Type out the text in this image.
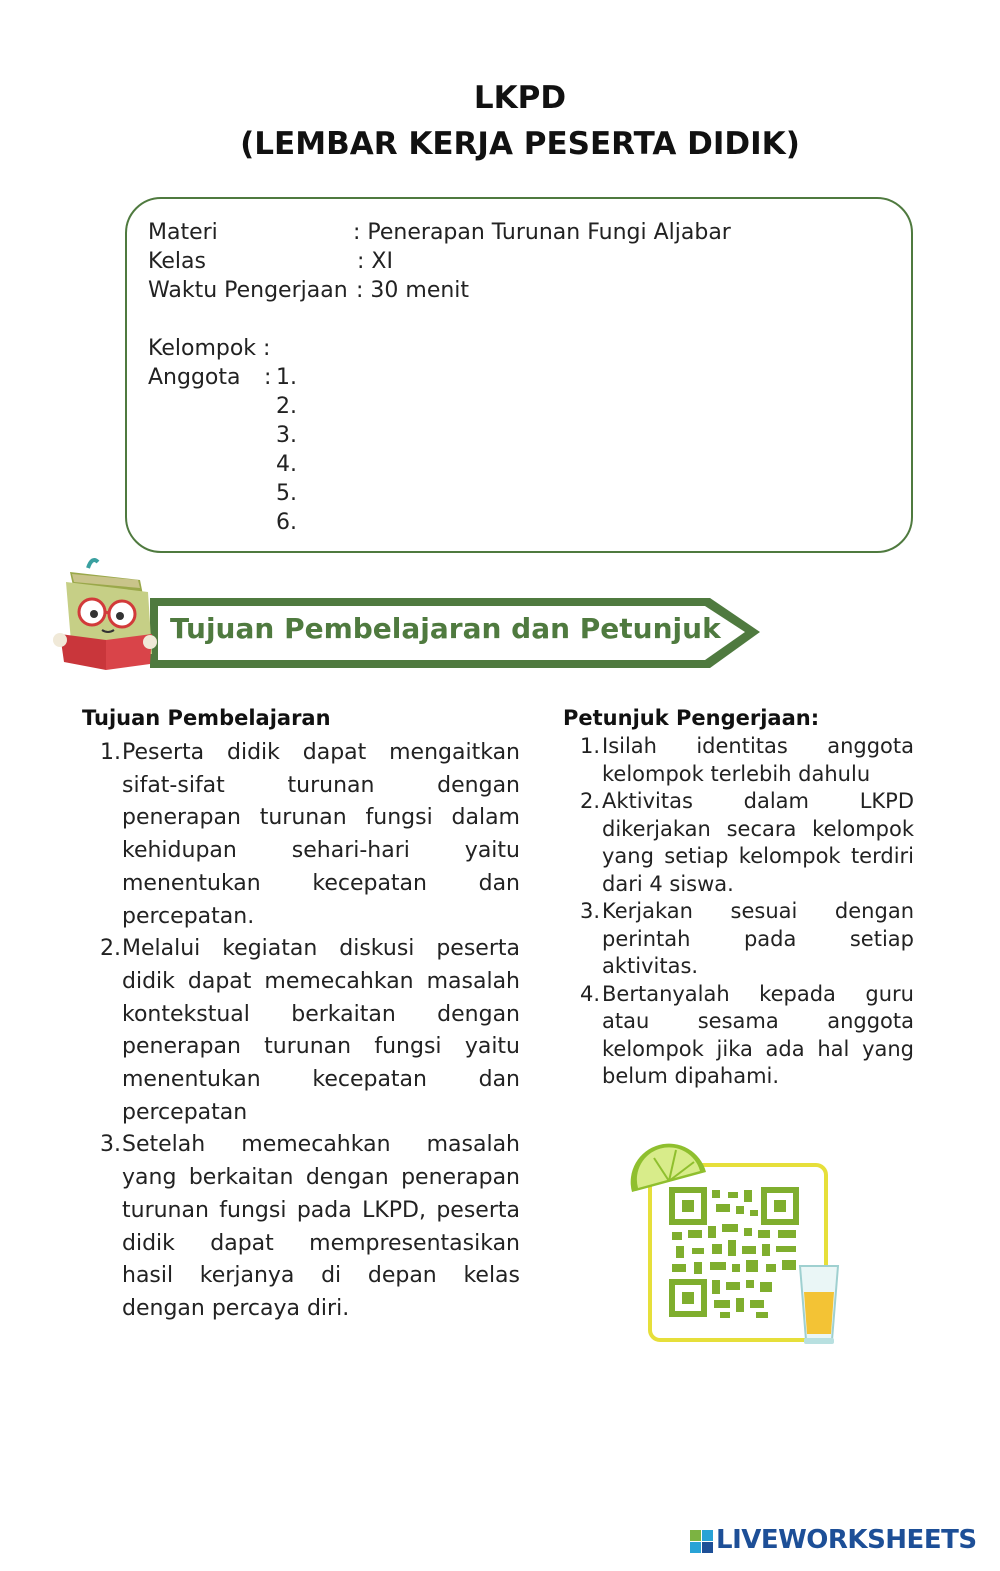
LKPD
(LEMBAR KERJA PESERTA DIDIK)
Materi	: Penerapan Turunan Fungi Aljabar
Kelas	: XI
Waktu Pengerjaan : 30 menit
Kelompok :
Anggota : 1.
2.
3.
4.
5.
6.
Tujuan Pembelajaran dan Petunjuk
Tujuan Pembelajaran
1. Peserta didik dapat mengaitkan sifat-sifat turunan dengan penerapan turunan fungsi dalam kehidupan sehari-hari yaitu menentukan kecepatan dan percepatan.
2. Melalui kegiatan diskusi peserta didik dapat memecahkan masalah kontekstual berkaitan dengan penerapan turunan fungsi yaitu menentukan kecepatan dan percepatan
3. Setelah memecahkan masalah yang berkaitan dengan penerapan turunan fungsi pada LKPD, peserta didik dapat mempresentasikan hasil kerjanya di depan kelas dengan percaya diri.
Petunjuk Pengerjaan:
1. Isilah identitas anggota kelompok terlebih dahulu
2. Aktivitas dalam LKPD dikerjakan secara kelompok yang setiap kelompok terdiri dari 4 siswa.
3. Kerjakan sesuai dengan perintah pada setiap aktivitas.
4. Bertanyalah kepada guru atau sesama anggota kelompok jika ada hal yang belum dipahami.
LIVEWORKSHEETS
